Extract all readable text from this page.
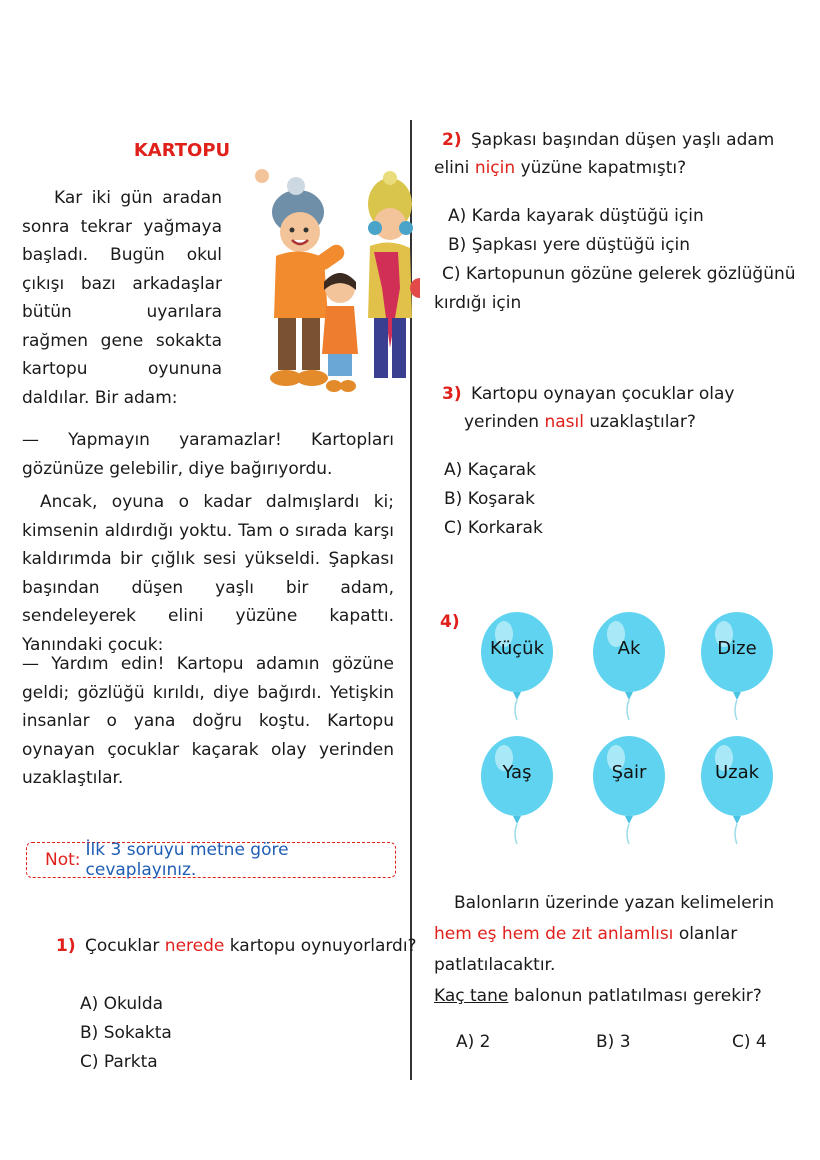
KARTOPU
Kar iki gün aradan sonra tekrar yağmaya başladı. Bugün okul çıkışı bazı arkadaşlar bütün uyarılara rağmen gene sokakta kartopu oyununa daldılar. Bir adam:
— Yapmayın yaramazlar! Kartopları gözünüze gelebilir, diye bağırıyordu.
Ancak, oyuna o kadar dalmışlardı ki; kimsenin aldırdığı yoktu. Tam o sırada karşı kaldırımda bir çığlık sesi yükseldi. Şapkası başından düşen yaşlı bir adam, sendeleyerek elini yüzüne kapattı. Yanındaki çocuk:
— Yardım edin! Kartopu adamın gözüne geldi; gözlüğü kırıldı, diye bağırdı. Yetişkin insanlar o yana doğru koştu. Kartopu oynayan çocuklar kaçarak olay yerinden uzaklaştılar.
Not: İlk 3 soruyu metne göre cevaplayınız.
1) Çocuklar nerede kartopu oynuyorlardı?
A) Okulda
B) Sokakta
C) Parkta
2) Şapkası başından düşen yaşlı adam
elini niçin yüzüne kapatmıştı?
A) Karda kayarak düştüğü için
B) Şapkası yere düştüğü için
C) Kartopunun gözüne gelerek gözlüğünü
kırdığı için
3) Kartopu oynayan çocuklar olay
yerinden nasıl uzaklaştılar?
A) Kaçarak
B) Koşarak
C) Korkarak
4)
Küçük	Ak	Dize
Yaş	Şair	Uzak
Balonların üzerinde yazan kelimelerin hem eş hem de zıt anlamlısı olanlar patlatılacaktır.
Kaç tane balonun patlatılması gerekir?
A) 2	B) 3	C) 4
